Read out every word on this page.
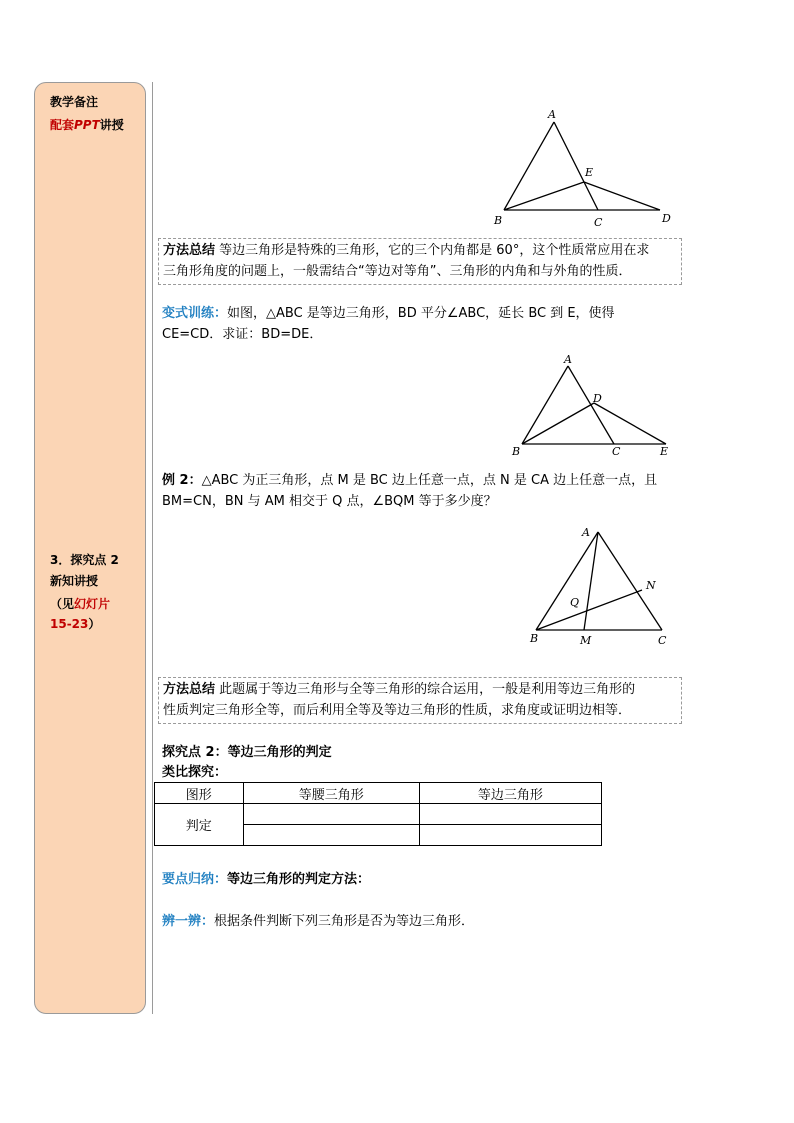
教学备注
配套PPT讲授
3．探究点 2
新知讲授
（见幻灯片
15-23）
A
B	C	D
E
方法总结 等边三角形是特殊的三角形，它的三个内角都是 60°，这个性质常应用在求
三角形角度的问题上，一般需结合“等边对等角”、三角形的内角和与外角的性质．
变式训练：如图，△ABC 是等边三角形，BD 平分∠ABC，延长 BC 到 E，使得
CE=CD．求证：BD=DE．
A
B	C
D
E
例 2：△ABC 为正三角形，点 M 是 BC 边上任意一点，点 N 是 CA 边上任意一点，且
BM=CN，BN 与 AM 相交于 Q 点，∠BQM 等于多少度？
A
B	C
M
N
Q
方法总结 此题属于等边三角形与全等三角形的综合运用，一般是利用等边三角形的
性质判定三角形全等，而后利用全等及等边三角形的性质，求角度或证明边相等．
探究点 2：等边三角形的判定
类比探究：
图形	等腰三角形	等边三角形
判定		

要点归纳：等边三角形的判定方法：
辨一辨：根据条件判断下列三角形是否为等边三角形．
